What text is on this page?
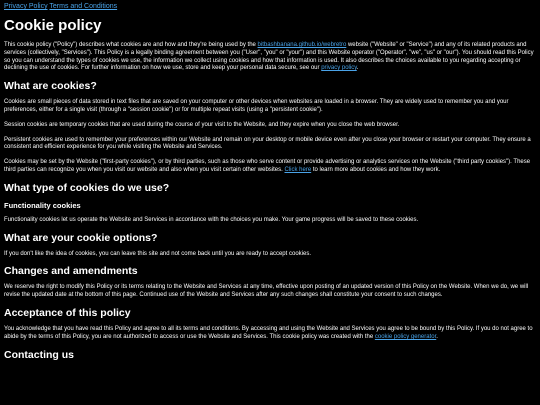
Privacy Policy Terms and Conditions
Cookie policy

This cookie policy ("Policy") describes what cookies are and how and they're being used by the bitbashbanana.github.io/webretro website ("Website" or "Service") and any of its related products and services (collectively, "Services"). This Policy is a legally binding agreement between you ("User", "you" or "your") and this Website operator ("Operator", "we", "us" or "our"). You should read this Policy so you can understand the types of cookies we use, the information we collect using cookies and how that information is used. It also describes the choices available to you regarding accepting or declining the use of cookies. For further information on how we use, store and keep your personal data secure, see our privacy policy.

What are cookies?

Cookies are small pieces of data stored in text files that are saved on your computer or other devices when websites are loaded in a browser. They are widely used to remember you and your preferences, either for a single visit (through a "session cookie") or for multiple repeat visits (using a "persistent cookie").

Session cookies are temporary cookies that are used during the course of your visit to the Website, and they expire when you close the web browser.

Persistent cookies are used to remember your preferences within our Website and remain on your desktop or mobile device even after you close your browser or restart your computer. They ensure a consistent and efficient experience for you while visiting the Website and Services.

Cookies may be set by the Website ("first-party cookies"), or by third parties, such as those who serve content or provide advertising or analytics services on the Website ("third party cookies"). These third parties can recognize you when you visit our website and also when you visit certain other websites. Click here to learn more about cookies and how they work.

What type of cookies do we use?
Functionality cookies

Functionality cookies let us operate the Website and Services in accordance with the choices you make. Your game progress will be saved to these cookies.

What are your cookie options?

If you don't like the idea of cookies, you can leave this site and not come back until you are ready to accept cookies.

Changes and amendments

We reserve the right to modify this Policy or its terms relating to the Website and Services at any time, effective upon posting of an updated version of this Policy on the Website. When we do, we will revise the updated date at the bottom of this page. Continued use of the Website and Services after any such changes shall constitute your consent to such changes.

Acceptance of this policy

You acknowledge that you have read this Policy and agree to all its terms and conditions. By accessing and using the Website and Services you agree to be bound by this Policy. If you do not agree to abide by the terms of this Policy, you are not authorized to access or use the Website and Services. This cookie policy was created with the cookie policy generator.

Contacting us
